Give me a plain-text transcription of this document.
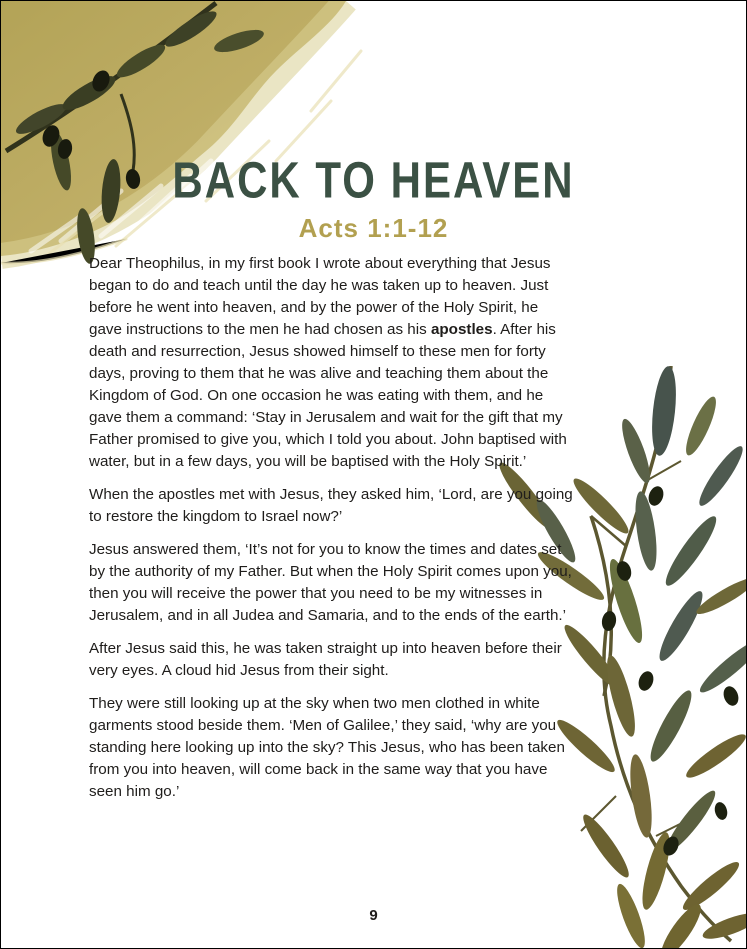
BACK TO HEAVEN
Acts 1:1-12

Dear Theophilus, in my first book I wrote about everything that Jesus began to do and teach until the day he was taken up to heaven. Just before he went into heaven, and by the power of the Holy Spirit, he gave instructions to the men he had chosen as his apostles. After his death and resurrection, Jesus showed himself to these men for forty days, proving to them that he was alive and teaching them about the Kingdom of God. On one occasion he was eating with them, and he gave them a command: ‘Stay in Jerusalem and wait for the gift that my Father promised to give you, which I told you about. John baptised with water, but in a few days, you will be baptised with the Holy Spirit.’

When the apostles met with Jesus, they asked him, ‘Lord, are you going to restore the kingdom to Israel now?’

Jesus answered them, ‘It’s not for you to know the times and dates set by the authority of my Father. But when the Holy Spirit comes upon you, then you will receive the power that you need to be my witnesses in Jerusalem, and in all Judea and Samaria, and to the ends of the earth.’

After Jesus said this, he was taken straight up into heaven before their very eyes. A cloud hid Jesus from their sight.

They were still looking up at the sky when two men clothed in white garments stood beside them. ‘Men of Galilee,’ they said, ‘why are you standing here looking up into the sky? This Jesus, who has been taken from you into heaven, will come back in the same way that you have seen him go.’

9
